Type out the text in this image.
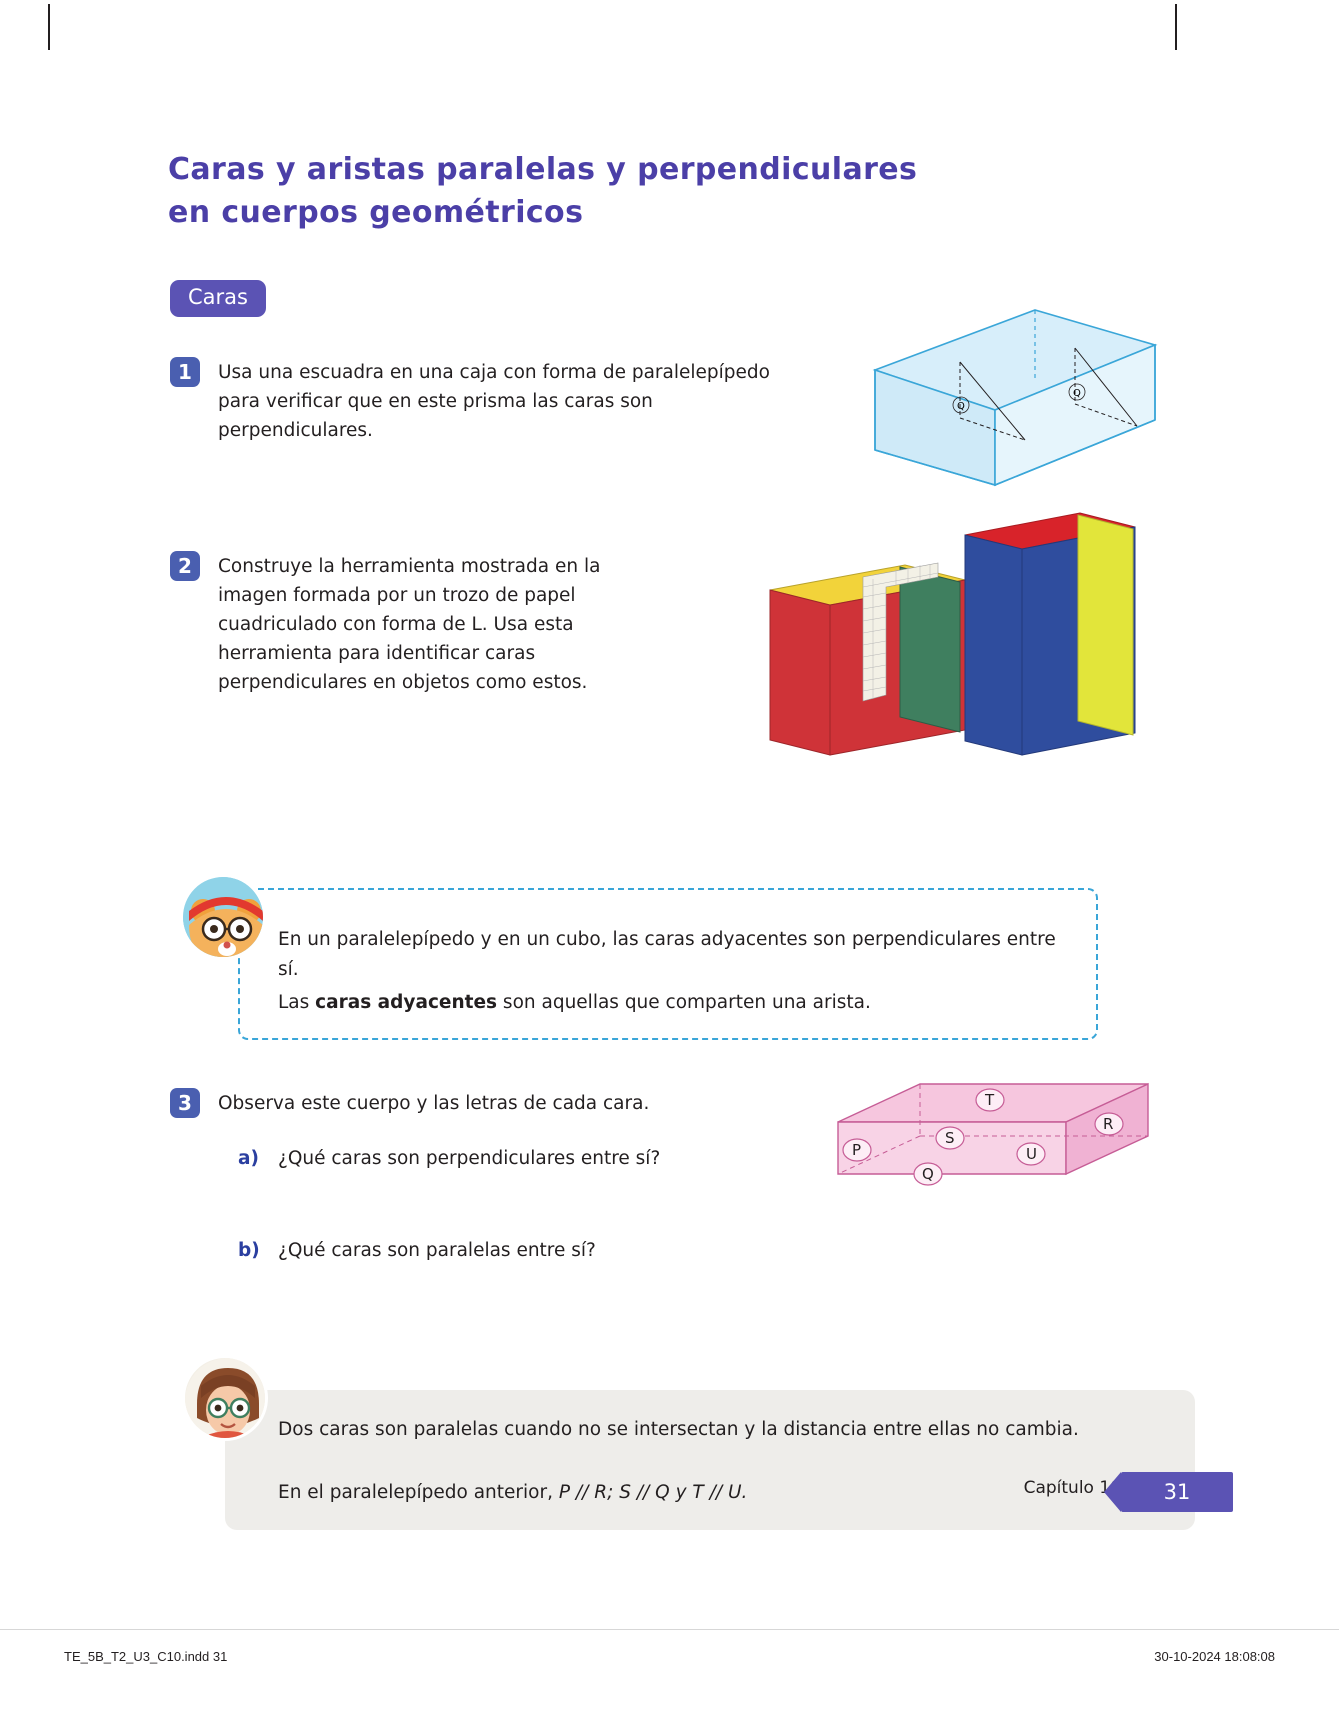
Caras y aristas paralelas y perpendiculares
en cuerpos geométricos
Caras
1	Usa una escuadra en una caja con forma de paralelepípedo para verificar que en este prisma las caras son perpendiculares.
Q
Q
2	Construye la herramienta mostrada en la imagen formada por un trozo de papel cuadriculado con forma de L. Usa esta herramienta para identificar caras perpendiculares en objetos como estos.
En un paralelepípedo y en un cubo, las caras adyacentes son perpendiculares entre sí.
Las caras adyacentes son aquellas que comparten una arista.
3	Observa este cuerpo y las letras de cada cara.
a) ¿Qué caras son perpendiculares entre sí?
b) ¿Qué caras son paralelas entre sí?
T
S
R
P
Q
U
Dos caras son paralelas cuando no se intersectan y la distancia entre ellas no cambia.
En el paralelepípedo anterior, P // R; S // Q y T // U.	Capítulo 10	31
TE_5B_T2_U3_C10.indd 31	30-10-2024 18:08:08
